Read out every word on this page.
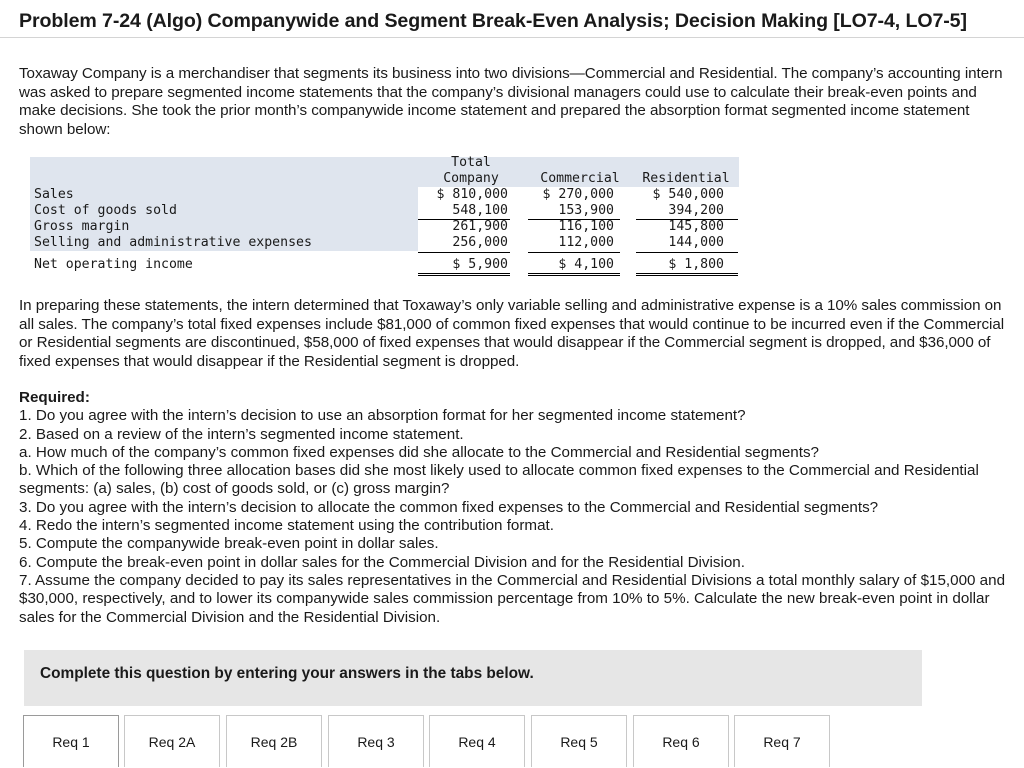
Problem 7-24 (Algo) Companywide and Segment Break-Even Analysis; Decision Making [LO7-4, LO7-5]
Toxaway Company is a merchandiser that segments its business into two divisions—Commercial and Residential. The company’s accounting intern was asked to prepare segmented income statements that the company’s divisional managers could use to calculate their break-even points and make decisions. She took the prior month’s companywide income statement and prepared the absorption format segmented income statement shown below:
Total
Company	Commercial	Residential
Sales	$ 810,000	$ 270,000	$ 540,000
Cost of goods sold	548,100	153,900	394,200
Gross margin	261,900	116,100	145,800
Selling and administrative expenses	256,000	112,000	144,000
Net operating income	$ 5,900	$ 4,100	$ 1,800
In preparing these statements, the intern determined that Toxaway’s only variable selling and administrative expense is a 10% sales commission on all sales. The company’s total fixed expenses include $81,000 of common fixed expenses that would continue to be incurred even if the Commercial or Residential segments are discontinued, $58,000 of fixed expenses that would disappear if the Commercial segment is dropped, and $36,000 of fixed expenses that would disappear if the Residential segment is dropped.
Required:
1. Do you agree with the intern’s decision to use an absorption format for her segmented income statement?
2. Based on a review of the intern’s segmented income statement.
a. How much of the company’s common fixed expenses did she allocate to the Commercial and Residential segments?
b. Which of the following three allocation bases did she most likely used to allocate common fixed expenses to the Commercial and Residential segments: (a) sales, (b) cost of goods sold, or (c) gross margin?
3. Do you agree with the intern’s decision to allocate the common fixed expenses to the Commercial and Residential segments?
4. Redo the intern’s segmented income statement using the contribution format.
5. Compute the companywide break-even point in dollar sales.
6. Compute the break-even point in dollar sales for the Commercial Division and for the Residential Division.
7. Assume the company decided to pay its sales representatives in the Commercial and Residential Divisions a total monthly salary of $15,000 and $30,000, respectively, and to lower its companywide sales commission percentage from 10% to 5%. Calculate the new break-even point in dollar sales for the Commercial Division and the Residential Division.
Complete this question by entering your answers in the tabs below.
Req 1	Req 2A	Req 2B	Req 3	Req 4	Req 5	Req 6	Req 7
